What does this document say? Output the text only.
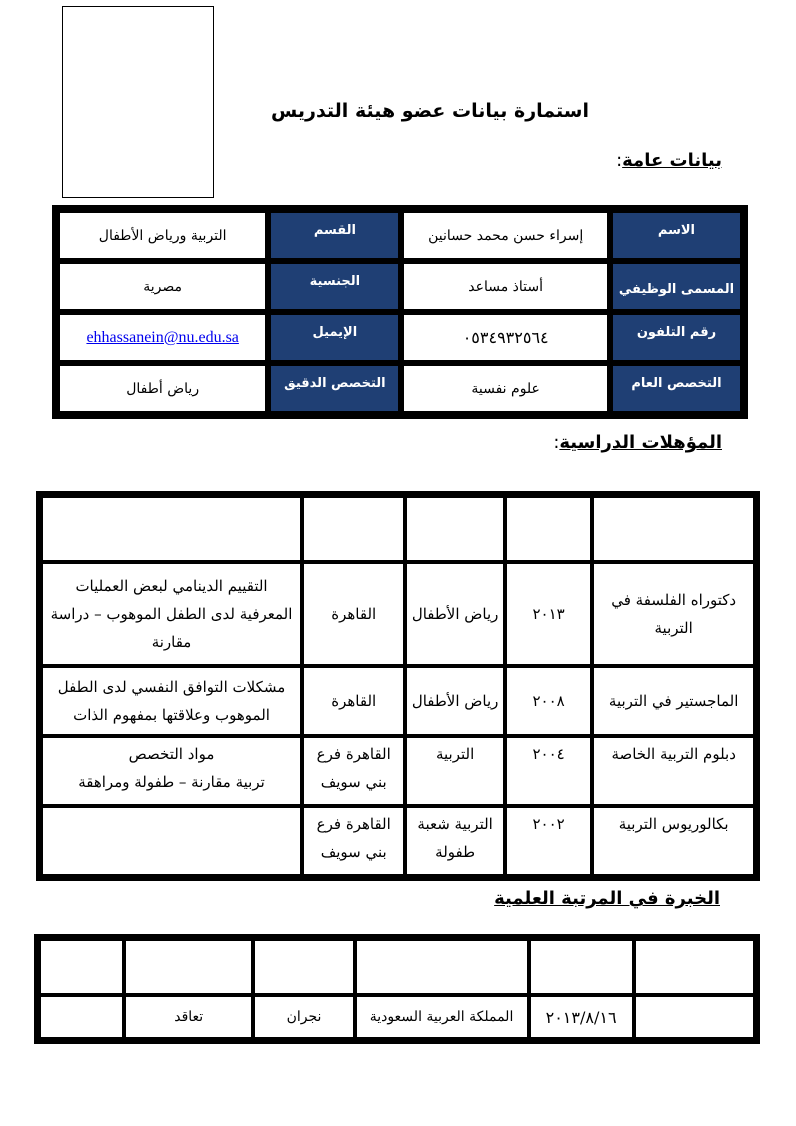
استمارة بيانات عضو هيئة التدريس
بيانات عامة:
الاسم	إسراء حسن محمد حسانين	القسم	التربية ورياض الأطفال
المسمى الوظيفي	أستاذ مساعد	الجنسية	مصرية
رقم التلفون	٠٥٣٤٩٣٢٥٦٤	الإيميل	ehhassanein@nu.edu.sa
التخصص العام	علوم نفسية	التخصص الدقيق	رياض أطفال
المؤهلات الدراسية:
نوع المؤهل	تاريخه	الكلية	الجامعة	عنوان الدراسة
دكتوراه الفلسفة في التربية	٢٠١٣	رياض الأطفال	القاهرة	التقييم الدينامي لبعض العمليات المعرفية لدى الطفل الموهوب – دراسة مقارنة
الماجستير في التربية	٢٠٠٨	رياض الأطفال	القاهرة	مشكلات التوافق النفسي لدى الطفل الموهوب وعلاقتها بمفهوم الذات
دبلوم التربية الخاصة	٢٠٠٤	التربية	القاهرة فرع بني سويف	مواد التخصص
تربية مقارنة – طفولة ومراهقة

بكالوريوس التربية	٢٠٠٢	التربية شعبة طفولة	القاهرة فرع بني سويف	
الخبرة في المرتبة العلمية
المرتبة	تاريخه	بلد الحصول عليه	الجامعة	طريقة الحصول عليه	ملاحظات
أستاذ مساعد	٢٠١٣/٨/١٦	المملكة العربية السعودية	نجران	تعاقد	
